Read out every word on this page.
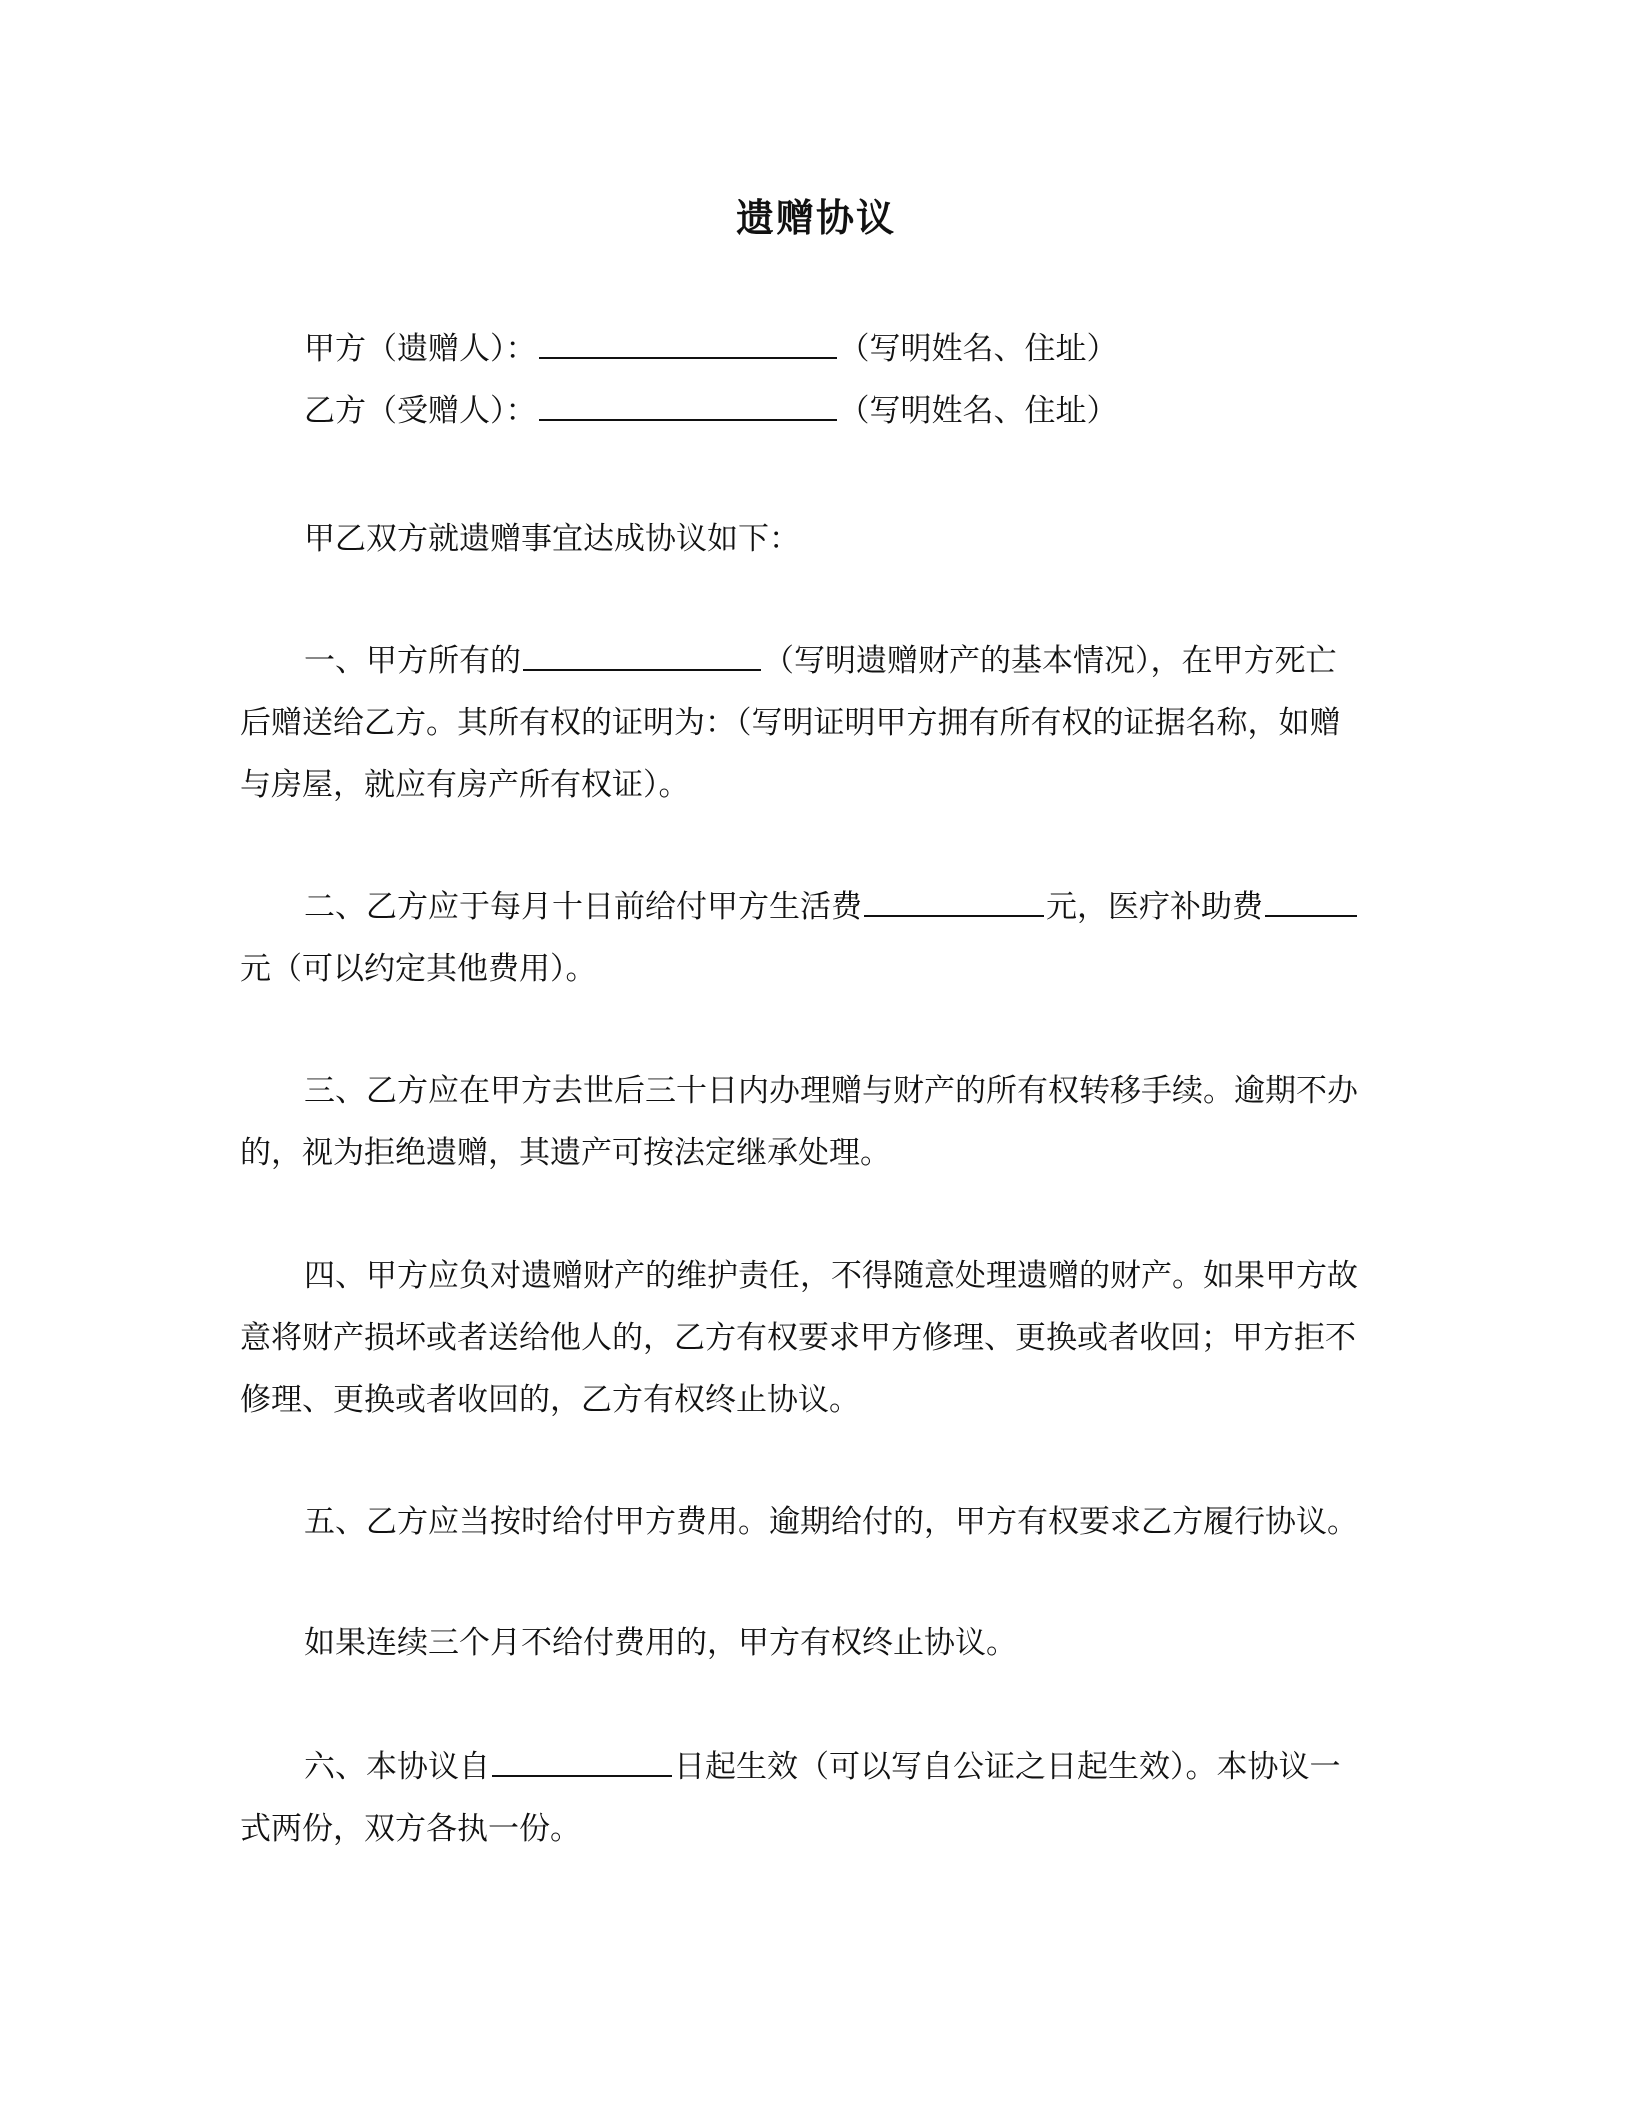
遗赠协议
甲方（遗赠人）：	（写明姓名、住址）
乙方（受赠人）：	（写明姓名、住址）
甲乙双方就遗赠事宜达成协议如下：
一、甲方所有的	（写明遗赠财产的基本情况），在甲方死亡
后赠送给乙方。其所有权的证明为：（写明证明甲方拥有所有权的证据名称，如赠
与房屋，就应有房产所有权证）。
二、乙方应于每月十日前给付甲方生活费	元，医疗补助费
元（可以约定其他费用）。
三、乙方应在甲方去世后三十日内办理赠与财产的所有权转移手续。逾期不办
的，视为拒绝遗赠，其遗产可按法定继承处理。
四、甲方应负对遗赠财产的维护责任，不得随意处理遗赠的财产。如果甲方故
意将财产损坏或者送给他人的，乙方有权要求甲方修理、更换或者收回；甲方拒不
修理、更换或者收回的，乙方有权终止协议。
五、乙方应当按时给付甲方费用。逾期给付的，甲方有权要求乙方履行协议。
如果连续三个月不给付费用的，甲方有权终止协议。
六、本协议自	日起生效（可以写自公证之日起生效）。本协议一
式两份，双方各执一份。
